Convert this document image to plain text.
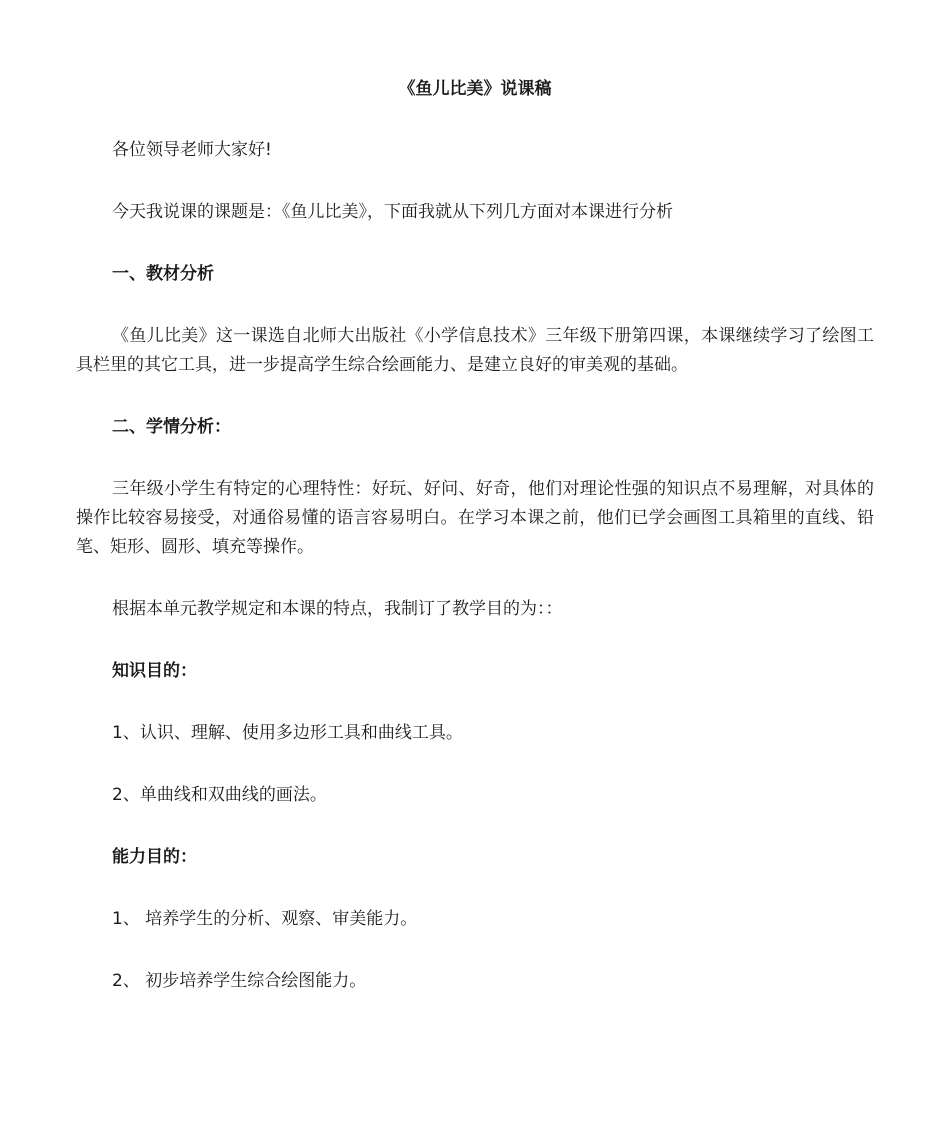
《鱼儿比美》说课稿
各位领导老师大家好!
今天我说课的课题是：《鱼儿比美》，下面我就从下列几方面对本课进行分析
一、教材分析
《鱼儿比美》这一课选自北师大出版社《小学信息技术》三年级下册第四课，本课继续学习了绘图工具栏里的其它工具，进一步提高学生综合绘画能力、是建立良好的审美观的基础。
二、学情分析：
三年级小学生有特定的心理特性：好玩、好问、好奇，他们对理论性强的知识点不易理解，对具体的操作比较容易接受，对通俗易懂的语言容易明白。在学习本课之前，他们已学会画图工具箱里的直线、铅笔、矩形、圆形、填充等操作。
根据本单元教学规定和本课的特点，我制订了教学目的为：：
知识目的：
1、认识、理解、使用多边形工具和曲线工具。
2、单曲线和双曲线的画法。
能力目的：
1、 培养学生的分析、观察、审美能力。
2、 初步培养学生综合绘图能力。
